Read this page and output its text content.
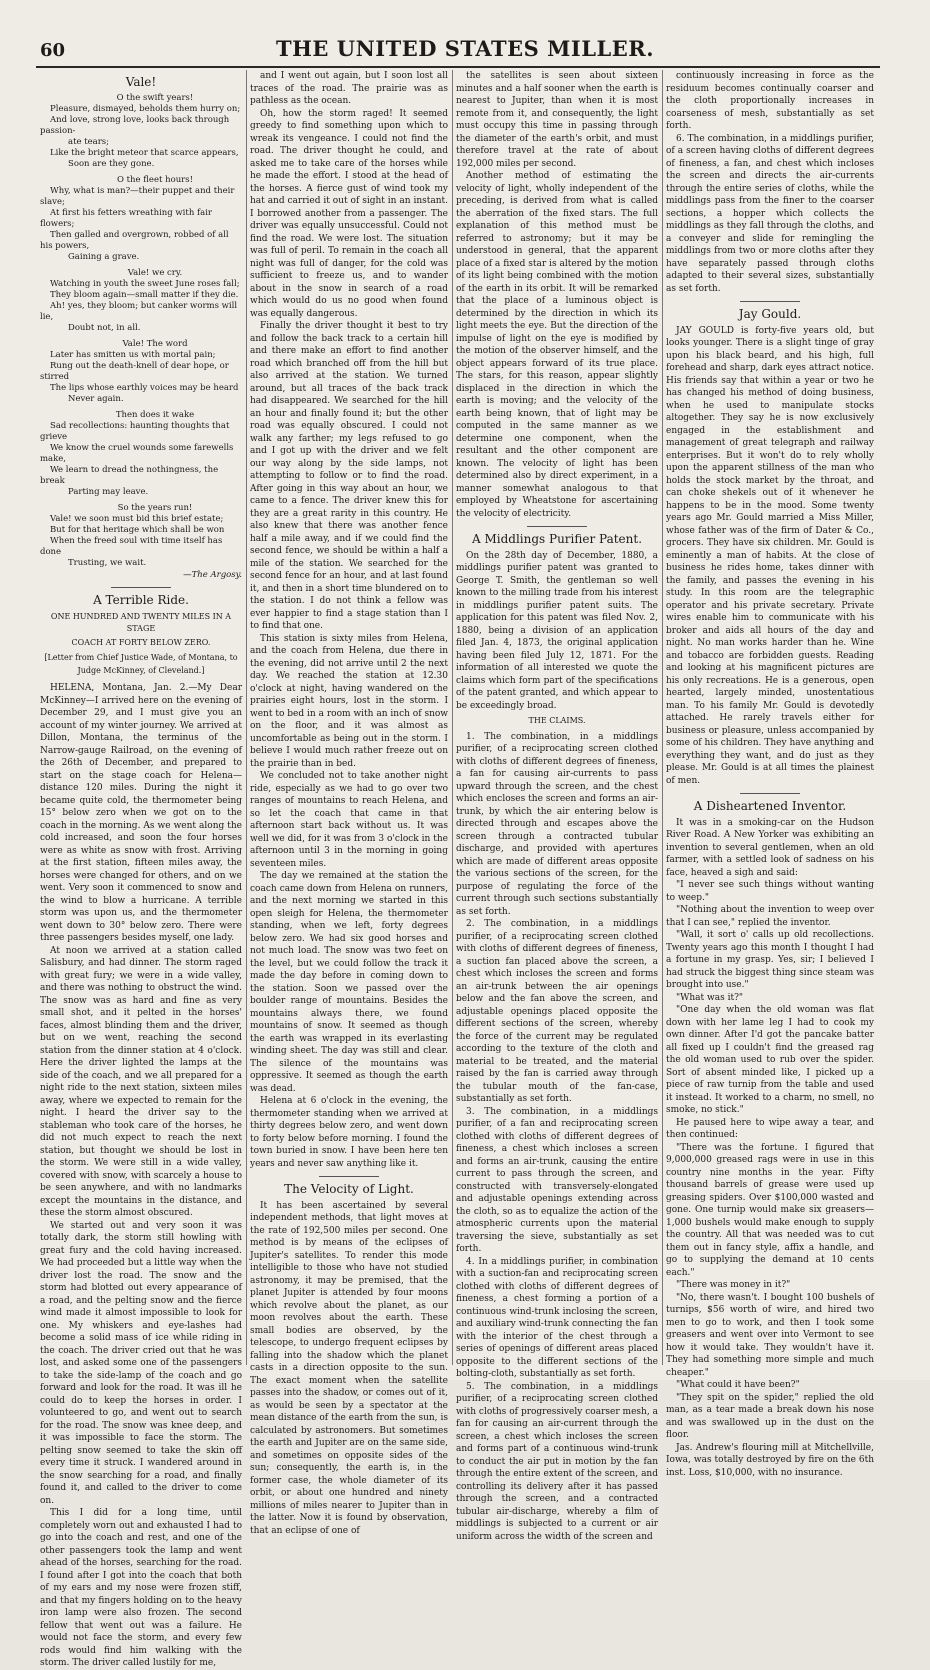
60	THE UNITED STATES MILLER.
Vale!

O the swift years!

Pleasure, dismayed, beholds them hurry on;

And love, strong love, looks back through passion-

ate tears;

Like the bright meteor that scarce appears,

Soon are they gone.

O the fleet hours!

Why, what is man?—their puppet and their slave;

At first his fetters wreathing with fair flowers;

Then galled and overgrown, robbed of all his powers,

Gaining a grave.

Vale! we cry.

Watching in youth the sweet June roses fall;

They bloom again—small matter if they die.

Ah! yes, they bloom; but canker worms will lie,

Doubt not, in all.

Vale! The word

Later has smitten us with mortal pain;

Rung out the death-knell of dear hope, or stirred

The lips whose earthly voices may be heard

Never again.

Then does it wake

Sad recollections: haunting thoughts that grieve

We know the cruel wounds some farewells make,

We learn to dread the nothingness, the break

Parting may leave.

So the years run!

Vale! we soon must bid this brief estate;

But for that heritage which shall be won

When the freed soul with time itself has done

Trusting, we wait.

—The Argosy.
A Terrible Ride.
ONE HUNDRED AND TWENTY MILES IN A STAGE
COACH AT FORTY BELOW ZERO.
[Letter from Chief Justice Wade, of Montana, to Judge McKinney, of Cleveland.]

HELENA, Montana, Jan. 2.—My Dear McKinney—I arrived here on the evening of December 29, and I must give you an account of my winter journey. We arrived at Dillon, Montana, the terminus of the Narrow-gauge Railroad, on the evening of the 26th of December, and prepared to start on the stage coach for Helena—distance 120 miles. During the night it became quite cold, the thermometer being 15° below zero when we got on to the coach in the morning. As we went along the cold increased, and soon the four horses were as white as snow with frost. Arriving at the first station, fifteen miles away, the horses were changed for others, and on we went. Very soon it commenced to snow and the wind to blow a hurricane. A terrible storm was upon us, and the thermometer went down to 30° below zero. There were three passengers besides myself, one lady.

At noon we arrived at a station called Salisbury, and had dinner. The storm raged with great fury; we were in a wide valley, and there was nothing to obstruct the wind. The snow was as hard and fine as very small shot, and it pelted in the horses' faces, almost blinding them and the driver, but on we went, reaching the second station from the dinner station at 4 o'clock. Here the driver lighted the lamps at the side of the coach, and we all prepared for a night ride to the next station, sixteen miles away, where we expected to remain for the night. I heard the driver say to the stableman who took care of the horses, he did not much expect to reach the next station, but thought we should be lost in the storm. We were still in a wide valley, covered with snow, with scarcely a house to be seen anywhere, and with no landmarks except the mountains in the distance, and these the storm almost obscured.

We started out and very soon it was totally dark, the storm still howling with great fury and the cold having increased. We had proceeded but a little way when the driver lost the road. The snow and the storm had blotted out every appearance of a road, and the pelting snow and the fierce wind made it almost impossible to look for one. My whiskers and eye-lashes had become a solid mass of ice while riding in the coach. The driver cried out that he was lost, and asked some one of the passengers to take the side-lamp of the coach and go forward and look for the road. It was ill he could do to keep the horses in order. I volunteered to go, and went out to search for the road. The snow was knee deep, and it was impossible to face the storm. The pelting snow seemed to take the skin off every time it struck. I wandered around in the snow searching for a road, and finally found it, and called to the driver to come on.

This I did for a long time, until completely worn out and exhausted I had to go into the coach and rest, and one of the other passengers took the lamp and went ahead of the horses, searching for the road. I found after I got into the coach that both of my ears and my nose were frozen stiff, and that my fingers holding on to the heavy iron lamp were also frozen. The second fellow that went out was a failure. He would not face the storm, and every few rods would find him walking with the storm. The driver called lustily for me,

and I went out again, but I soon lost all traces of the road. The prairie was as pathless as the ocean.

Oh, how the storm raged! It seemed greedy to find something upon which to wreak its vengeance. I could not find the road. The driver thought he could, and asked me to take care of the horses while he made the effort. I stood at the head of the horses. A fierce gust of wind took my hat and carried it out of sight in an instant. I borrowed another from a passenger. The driver was equally unsuccessful. Could not find the road. We were lost. The situation was full of peril. To remain in the coach all night was full of danger, for the cold was sufficient to freeze us, and to wander about in the snow in search of a road which would do us no good when found was equally dangerous.

Finally the driver thought it best to try and follow the back track to a certain hill and there make an effort to find another road which branched off from the hill but also arrived at the station. We turned around, but all traces of the back track had disappeared. We searched for the hill an hour and finally found it; but the other road was equally obscured. I could not walk any farther; my legs refused to go and I got up with the driver and we felt our way along by the side lamps, not attempting to follow or to find the road. After going in this way about an hour, we came to a fence. The driver knew this for they are a great rarity in this country. He also knew that there was another fence half a mile away, and if we could find the second fence, we should be within a half a mile of the station. We searched for the second fence for an hour, and at last found it, and then in a short time blundered on to the station. I do not think a fellow was ever happier to find a stage station than I to find that one.

This station is sixty miles from Helena, and the coach from Helena, due there in the evening, did not arrive until 2 the next day. We reached the station at 12.30 o'clock at night, having wandered on the prairies eight hours, lost in the storm. I went to bed in a room with an inch of snow on the floor, and it was almost as uncomfortable as being out in the storm. I believe I would much rather freeze out on the prairie than in bed.

We concluded not to take another night ride, especially as we had to go over two ranges of mountains to reach Helena, and so let the coach that came in that afternoon start back without us. It was well we did, for it was from 3 o'clock in the afternoon until 3 in the morning in going seventeen miles.

The day we remained at the station the coach came down from Helena on runners, and the next morning we started in this open sleigh for Helena, the thermometer standing, when we left, forty degrees below zero. We had six good horses and not much load. The snow was two feet on the level, but we could follow the track it made the day before in coming down to the station. Soon we passed over the boulder range of mountains. Besides the mountains always there, we found mountains of snow. It seemed as though the earth was wrapped in its everlasting winding sheet. The day was still and clear. The silence of the mountains was oppressive. It seemed as though the earth was dead.

Helena at 6 o'clock in the evening, the thermometer standing when we arrived at thirty degrees below zero, and went down to forty below before morning. I found the town buried in snow. I have been here ten years and never saw anything like it.

The Velocity of Light.

It has been ascertained by several independent methods, that light moves at the rate of 192,500 miles per second. One method is by means of the eclipses of Jupiter's satellites. To render this mode intelligible to those who have not studied astronomy, it may be premised, that the planet Jupiter is attended by four moons which revolve about the planet, as our moon revolves about the earth. These small bodies are observed, by the telescope, to undergo frequent eclipses by falling into the shadow which the planet casts in a direction opposite to the sun. The exact moment when the satellite passes into the shadow, or comes out of it, as would be seen by a spectator at the mean distance of the earth from the sun, is calculated by astronomers. But sometimes the earth and Jupiter are on the same side, and sometimes on opposite sides of the sun; consequently, the earth is, in the former case, the whole diameter of its orbit, or about one hundred and ninety millions of miles nearer to Jupiter than in the latter. Now it is found by observation, that an eclipse of one of

the satellites is seen about sixteen minutes and a half sooner when the earth is nearest to Jupiter, than when it is most remote from it, and consequently, the light must occupy this time in passing through the diameter of the earth's orbit, and must therefore travel at the rate of about 192,000 miles per second.

Another method of estimating the velocity of light, wholly independent of the preceding, is derived from what is called the aberration of the fixed stars. The full explanation of this method must be referred to astronomy; but it may be understood in general, that the apparent place of a fixed star is altered by the motion of its light being combined with the motion of the earth in its orbit. It will be remarked that the place of a luminous object is determined by the direction in which its light meets the eye. But the direction of the impulse of light on the eye is modified by the motion of the observer himself, and the object appears forward of its true place. The stars, for this reason, appear slightly displaced in the direction in which the earth is moving; and the velocity of the earth being known, that of light may be computed in the same manner as we determine one component, when the resultant and the other component are known. The velocity of light has been determined also by direct experiment, in a manner somewhat analogous to that employed by Wheatstone for ascertaining the velocity of electricity.

A Middlings Purifier Patent.

On the 28th day of December, 1880, a middlings purifier patent was granted to George T. Smith, the gentleman so well known to the milling trade from his interest in middlings purifier patent suits. The application for this patent was filed Nov. 2, 1880, being a division of an application filed Jan. 4, 1873, the original application having been filed July 12, 1871. For the information of all interested we quote the claims which form part of the specifications of the patent granted, and which appear to be exceedingly broad.

THE CLAIMS.

1. The combination, in a middlings purifier, of a reciprocating screen clothed with cloths of different degrees of fineness, a fan for causing air-currents to pass upward through the screen, and the chest which encloses the screen and forms an air-trunk, by which the air entering below is directed through and escapes above the screen through a contracted tubular discharge, and provided with apertures which are made of different areas opposite the various sections of the screen, for the purpose of regulating the force of the current through such sections substantially as set forth.

2. The combination, in a middlings purifier, of a reciprocating screen clothed with cloths of different degrees of fineness, a suction fan placed above the screen, a chest which incloses the screen and forms an air-trunk between the air openings below and the fan above the screen, and adjustable openings placed opposite the different sections of the screen, whereby the force of the current may be regulated according to the texture of the cloth and material to be treated, and the material raised by the fan is carried away through the tubular mouth of the fan-case, substantially as set forth.

3. The combination, in a middlings purifier, of a fan and reciprocating screen clothed with cloths of different degrees of fineness, a chest which incloses a screen and forms an air-trunk, causing the entire current to pass through the screen, and constructed with transversely-elongated and adjustable openings extending across the cloth, so as to equalize the action of the atmospheric currents upon the material traversing the sieve, substantially as set forth.

4. In a middlings purifier, in combination with a suction-fan and reciprocating screen clothed with cloths of different degrees of fineness, a chest forming a portion of a continuous wind-trunk inclosing the screen, and auxiliary wind-trunk connecting the fan with the interior of the chest through a series of openings of different areas placed opposite to the different sections of the bolting-cloth, substantially as set forth.

5. The combination, in a middlings purifier, of a reciprocating screen clothed with cloths of progressively coarser mesh, a fan for causing an air-current through the screen, a chest which incloses the screen and forms part of a continuous wind-trunk to conduct the air put in motion by the fan through the entire extent of the screen, and controlling its delivery after it has passed through the screen, and a contracted tubular air-discharge, whereby a film of middlings is subjected to a current or air uniform across the width of the screen and

continuously increasing in force as the residuum becomes continually coarser and the cloth proportionally increases in coarseness of mesh, substantially as set forth.

6. The combination, in a middlings purifier, of a screen having cloths of different degrees of fineness, a fan, and chest which incloses the screen and directs the air-currents through the entire series of cloths, while the middlings pass from the finer to the coarser sections, a hopper which collects the middlings as they fall through the cloths, and a conveyer and slide for remingling the middlings from two or more cloths after they have separately passed through cloths adapted to their several sizes, substantially as set forth.

Jay Gould.

JAY GOULD is forty-five years old, but looks younger. There is a slight tinge of gray upon his black beard, and his high, full forehead and sharp, dark eyes attract notice. His friends say that within a year or two he has changed his method of doing business, when he used to manipulate stocks altogether. They say he is now exclusively engaged in the establishment and management of great telegraph and railway enterprises. But it won't do to rely wholly upon the apparent stillness of the man who holds the stock market by the throat, and can choke shekels out of it whenever he happens to be in the mood. Some twenty years ago Mr. Gould married a Miss Miller, whose father was of the firm of Dater & Co., grocers. They have six children. Mr. Gould is eminently a man of habits. At the close of business he rides home, takes dinner with the family, and passes the evening in his study. In this room are the telegraphic operator and his private secretary. Private wires enable him to communicate with his broker and aids all hours of the day and night. No man works harder than he. Wine and tobacco are forbidden guests. Reading and looking at his magnificent pictures are his only recreations. He is a generous, open hearted, largely minded, unostentatious man. To his family Mr. Gould is devotedly attached. He rarely travels either for business or pleasure, unless accompanied by some of his children. They have anything and everything they want, and do just as they please. Mr. Gould is at all times the plainest of men.

A Disheartened Inventor.

It was in a smoking-car on the Hudson River Road. A New Yorker was exhibiting an invention to several gentlemen, when an old farmer, with a settled look of sadness on his face, heaved a sigh and said:

"I never see such things without wanting to weep."

"Nothing about the invention to weep over that I can see," replied the inventor.

"Wall, it sort o' calls up old recollections. Twenty years ago this month I thought I had a fortune in my grasp. Yes, sir; I believed I had struck the biggest thing since steam was brought into use."

"What was it?"

"One day when the old woman was flat down with her lame leg I had to cook my own dinner. After I'd got the pancake batter all fixed up I couldn't find the greased rag the old woman used to rub over the spider. Sort of absent minded like, I picked up a piece of raw turnip from the table and used it instead. It worked to a charm, no smell, no smoke, no stick."

He paused here to wipe away a tear, and then continued:

"There was the fortune. I figured that 9,000,000 greased rags were in use in this country nine months in the year. Fifty thousand barrels of grease were used up greasing spiders. Over $100,000 wasted and gone. One turnip would make six greasers—1,000 bushels would make enough to supply the country. All that was needed was to cut them out in fancy style, affix a handle, and go to supplying the demand at 10 cents each."

"There was money in it?"

"No, there wasn't. I bought 100 bushels of turnips, $56 worth of wire, and hired two men to go to work, and then I took some greasers and went over into Vermont to see how it would take. They wouldn't have it. They had something more simple and much cheaper."

"What could it have been?"

"They spit on the spider," replied the old man, as a tear made a break down his nose and was swallowed up in the dust on the floor.

Jas. Andrew's flouring mill at Mitchellville, Iowa, was totally destroyed by fire on the 6th inst. Loss, $10,000, with no insurance.
